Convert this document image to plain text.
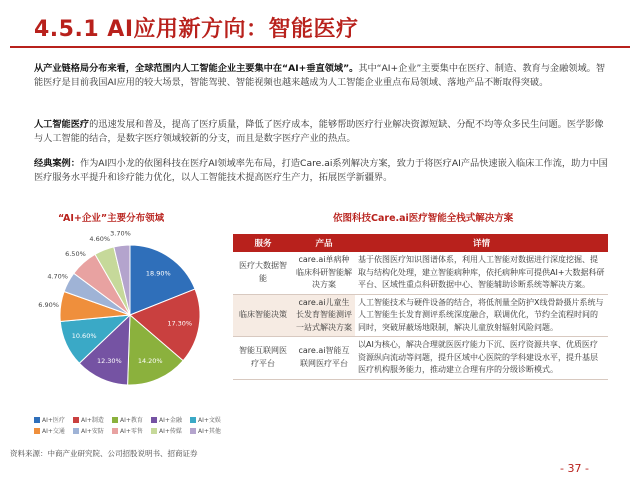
4.5.1 AI应用新方向：智能医疗
从产业链格局分布来看，全球范围内人工智能企业主要集中在“AI+垂直领域”。其中“AI+企业”主要集中在医疗、制造、教育与金融领域。智能医疗是目前我国AI应用的较大场景，智能驾驶、智能视频也越来越成为人工智能企业重点布局领域、落地产品不断取得突破。
人工智能医疗的迅速发展和普及，提高了医疗质量，降低了医疗成本，能够帮助医疗行业解决资源短缺、分配不均等众多民生问题。医学影像与人工智能的结合，是数字医疗领域较新的分支，而且是数字医疗产业的热点。
经典案例：作为AI四小龙的依图科技在医疗AI领域率先布局，打造Care.ai系列解决方案，致力于将医疗AI产品快速嵌入临床工作流，助力中国医疗服务水平提升和诊疗能力优化，以人工智能技术提高医疗生产力，拓展医学新疆界。
“AI+企业”主要分布领域	依图科技Care.ai医疗智能全栈式解决方案
18.90%
17.30%
14.20%
12.30%
10.60%
6.90%
4.70%
6.50%
4.60%
3.70%
AI+医疗	AI+制造	AI+教育	AI+金融	AI+文娱
AI+交通	AI+安防	AI+零售	AI+传媒	AI+其他
服务	产品	详情
医疗大数据智能	care.ai单病种临床科研智能解决方案	基于依图医疗知识图谱体系，利用人工智能对数据进行深度挖掘、提取与结构化处理，建立智能病种库，依托病种库可提供AI+大数据科研平台、区域性重点科研数据中心、智能辅助诊断系统等解决方案。
临床智能决策	care.ai儿童生长发育智能测评一站式解决方案	人工智能技术与硬件设备的结合，将低剂量全防护X线骨龄摄片系统与人工智能生长发育测评系统深度融合，联调优化，节约全流程时间的同时，突破屏蔽场地限制，解决儿童放射辐射风险问题。
智能互联网医疗平台	care.ai智能互联网医疗平台	以AI为核心，解决合理就医医疗能力下沉、医疗资源共享、优质医疗资源纵向流动等问题，提升区域中心医院的学科建设水平，提升基层医疗机构服务能力，推动建立合理有序的分级诊断模式。
资料来源：中商产业研究院、公司招股说明书、招商证券
- 37 -
